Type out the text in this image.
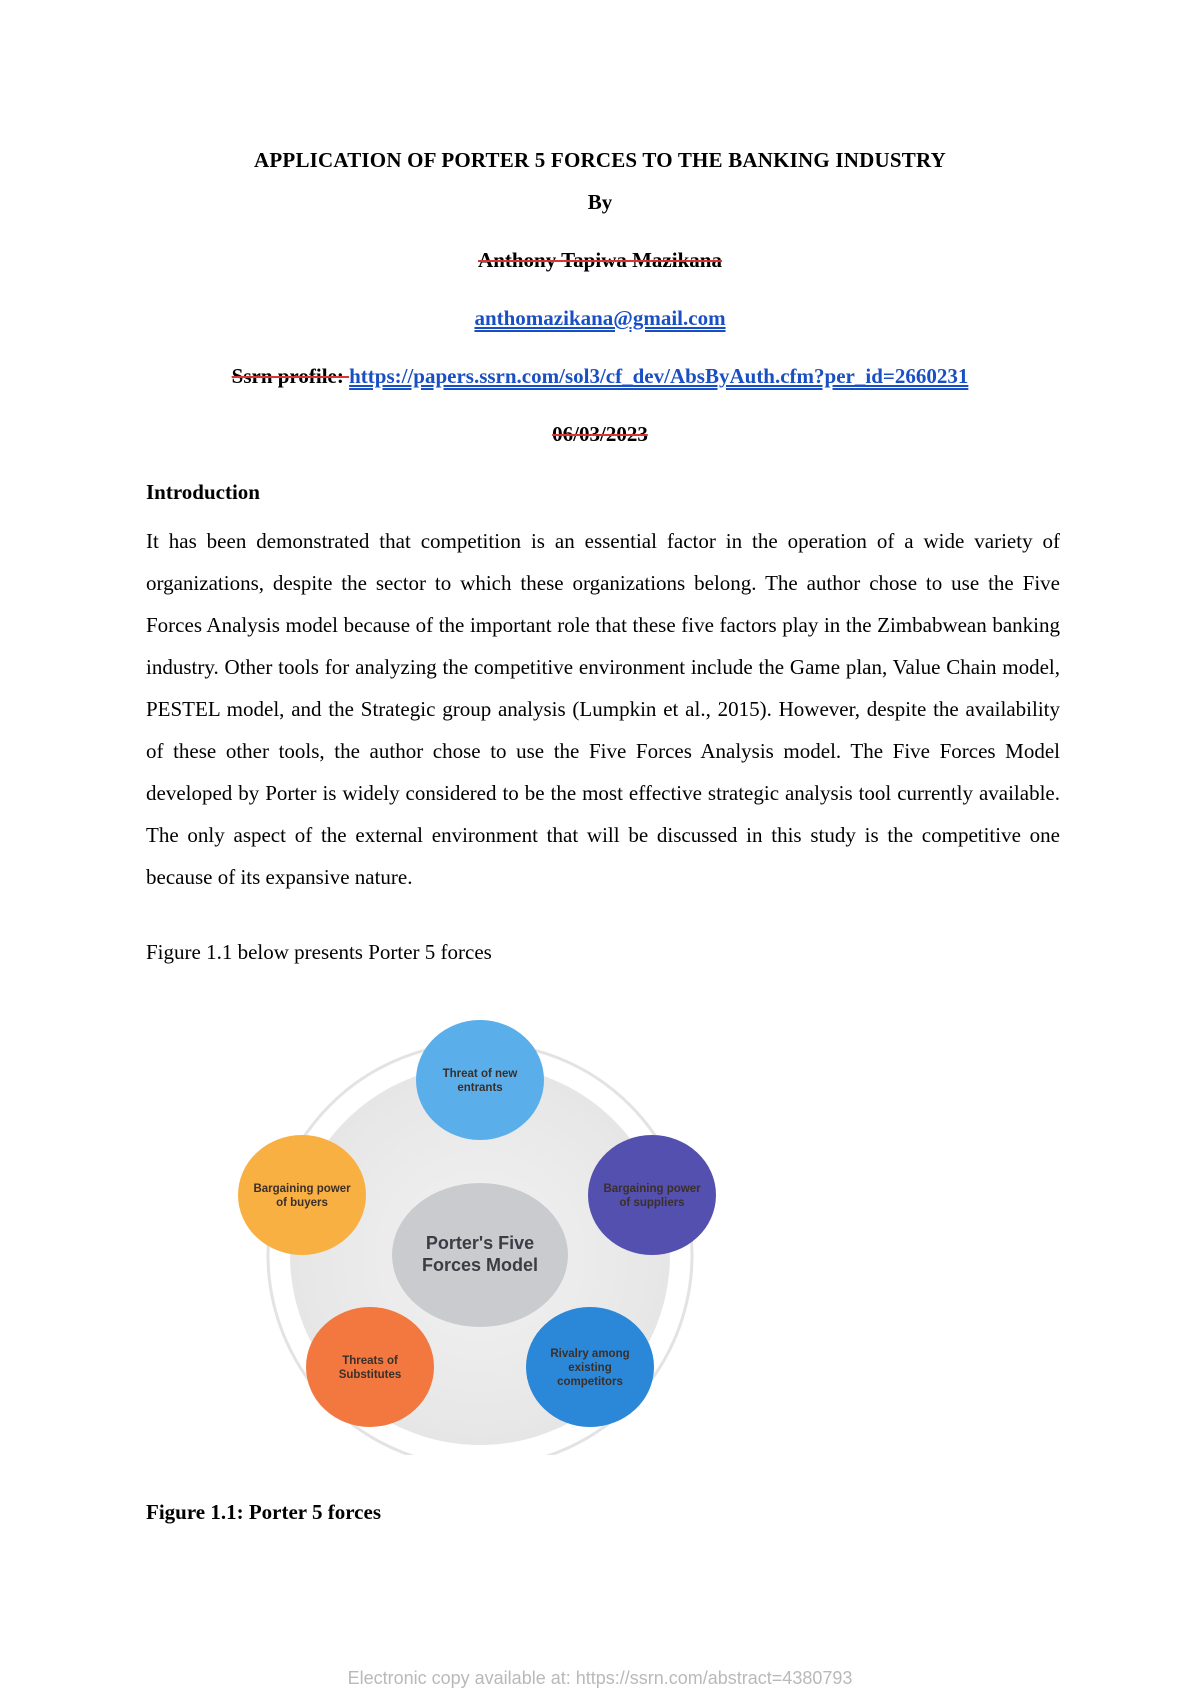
APPLICATION OF PORTER 5 FORCES TO THE BANKING INDUSTRY
By
Anthony Tapiwa Mazikana
anthomazikana@gmail.com
Ssrn profile: https://papers.ssrn.com/sol3/cf_dev/AbsByAuth.cfm?per_id=2660231
06/03/2023
Introduction
It has been demonstrated that competition is an essential factor in the operation of a wide variety of organizations, despite the sector to which these organizations belong. The author chose to use the Five Forces Analysis model because of the important role that these five factors play in the Zimbabwean banking industry. Other tools for analyzing the competitive environment include the Game plan, Value Chain model, PESTEL model, and the Strategic group analysis (Lumpkin et al., 2015). However, despite the availability of these other tools, the author chose to use the Five Forces Analysis model. The Five Forces Model developed by Porter is widely considered to be the most effective strategic analysis tool currently available. The only aspect of the external environment that will be discussed in this study is the competitive one because of its expansive nature.
Figure 1.1 below presents Porter 5 forces
Porter's Five
Forces Model
Threat of new
entrants
Bargaining power
of suppliers
Rivalry among
existing
competitors
Threats of
Substitutes
Bargaining power
of buyers
Figure 1.1: Porter 5 forces
Electronic copy available at: https://ssrn.com/abstract=4380793
